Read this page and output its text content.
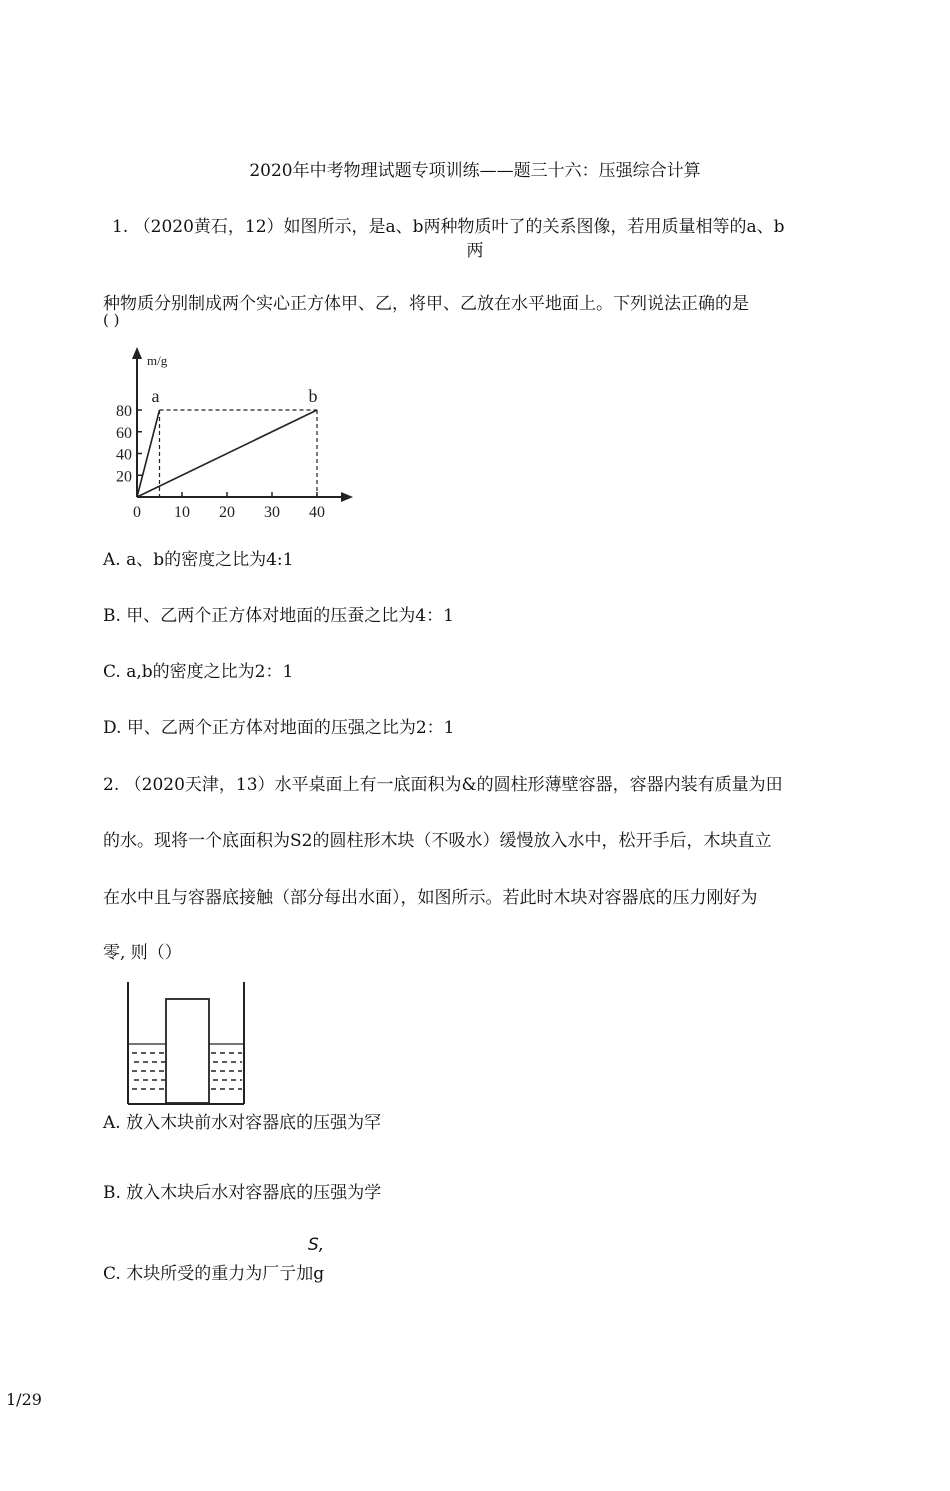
2020年中考物理试题专项训练——题三十六：压强综合计算
1. （2020黄石，12）如图所示，是a、b两种物质叶了的关系图像，若用质量相等的a、b
两
种物质分别制成两个实心正方体甲、乙，将甲、乙放在水平地面上。下列说法正确的是
( )
m/g
0 10 20 30 40
20
40
60
80
a	b
A. a、b的密度之比为4:1
B. 甲、乙两个正方体对地面的压蚕之比为4：1
C. a,b的密度之比为2：1
D. 甲、乙两个正方体对地面的压强之比为2：1
2. （2020天津，13）水平桌面上有一底面积为&的圆柱形薄壁容器，容器内装有质量为田
的水。现将一个底面积为S2的圆柱形木块（不吸水）缓慢放入水中，松开手后，木块直立
在水中且与容器底接触（部分每出水面），如图所示。若此时木块对容器底的压力刚好为
零, 则（）
A. 放入木块前水对容器底的压强为罕
B. 放入木块后水对容器底的压强为学
S,
C. 木块所受的重力为厂亍加g
1/29
